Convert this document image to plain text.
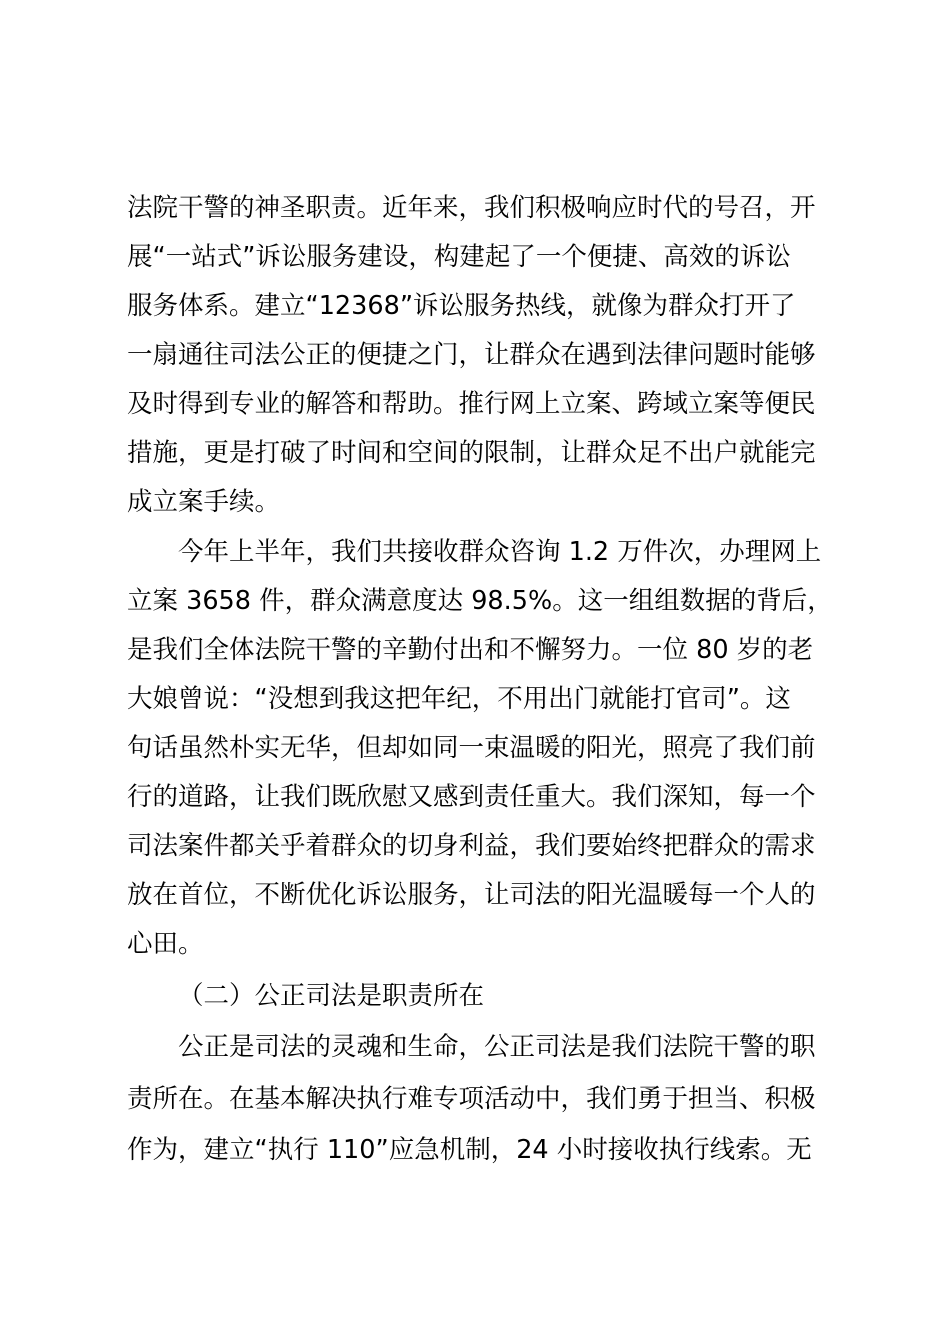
法院干警的神圣职责。近年来，我们积极响应时代的号召，开
展“一站式”诉讼服务建设，构建起了一个便捷、高效的诉讼
服务体系。建立“12368”诉讼服务热线，就像为群众打开了
一扇通往司法公正的便捷之门，让群众在遇到法律问题时能够
及时得到专业的解答和帮助。推行网上立案、跨域立案等便民
措施，更是打破了时间和空间的限制，让群众足不出户就能完
成立案手续。
今年上半年，我们共接收群众咨询 1.2 万件次，办理网上
立案 3658 件，群众满意度达 98.5%。这一组组数据的背后，
是我们全体法院干警的辛勤付出和不懈努力。一位 80 岁的老
大娘曾说：“没想到我这把年纪，不用出门就能打官司”。这
句话虽然朴实无华，但却如同一束温暖的阳光，照亮了我们前
行的道路，让我们既欣慰又感到责任重大。我们深知，每一个
司法案件都关乎着群众的切身利益，我们要始终把群众的需求
放在首位，不断优化诉讼服务，让司法的阳光温暖每一个人的
心田。
（二）公正司法是职责所在
公正是司法的灵魂和生命，公正司法是我们法院干警的职
责所在。在基本解决执行难专项活动中，我们勇于担当、积极
作为，建立“执行 110”应急机制，24 小时接收执行线索。无
